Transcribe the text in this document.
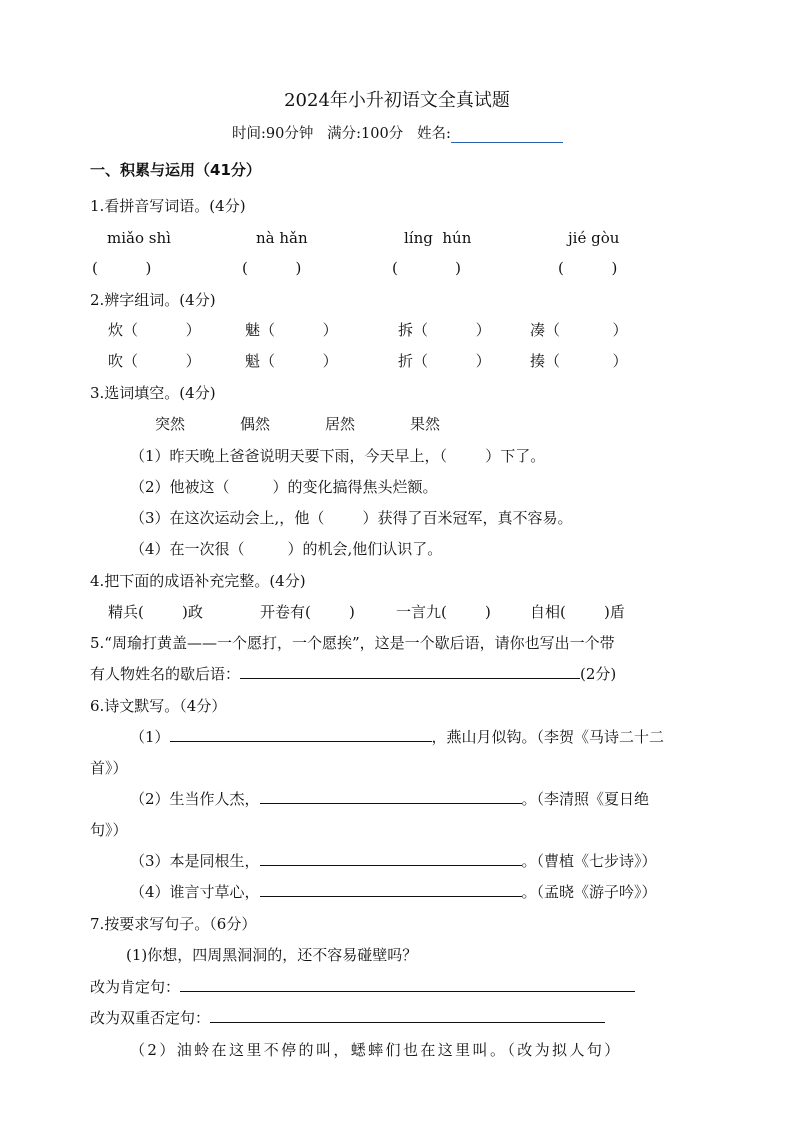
2024年小升初语文全真试题
时间:90分钟 满分:100分 姓名:
一、积累与运用（41分）
1.看拼音写词语。(4分)
miǎo shì	nà hǎn	líng  hún	jié gòu
(          )	(          )	(            )	(          )
2.辨字组词。(4分)
炊（          ）	魅（          ）	拆（          ）	凑（           ）
吹（          ）	魁（          ）	折（          ）	揍（           ）
3.选词填空。(4分)
突然	偶然	居然	果然
（1）昨天晚上爸爸说明天要下雨，今天早上，（        ）下了。
（2）他被这（         ）的变化搞得焦头烂额。
（3）在这次运动会上,，他（        ）获得了百米冠军，真不容易。
（4）在一次很（         ）的机会,他们认识了。
4.把下面的成语补充完整。(4分)
精兵(        )政	开卷有(        )	一言九(        )	自相(        )盾
5.“周瑜打黄盖——一个愿打，一个愿挨”，这是一个歇后语，请你也写出一个带
有人物姓名的歇后语：	(2分)
6.诗文默写。（4分）
（1）	，燕山月似钩。（李贺《马诗二十二
首》）
（2）生当作人杰，	。（李清照《夏日绝
句》）
（3）本是同根生，	。（曹植《七步诗》）
（4）谁言寸草心，	。（孟晓《游子吟》）
7.按要求写句子。（6分）
(1)你想，四周黑洞洞的，还不容易碰壁吗？
改为肯定句：
改为双重否定句：
（2）油蛉在这里不停的叫，蟋蟀们也在这里叫。（改为拟人句）
